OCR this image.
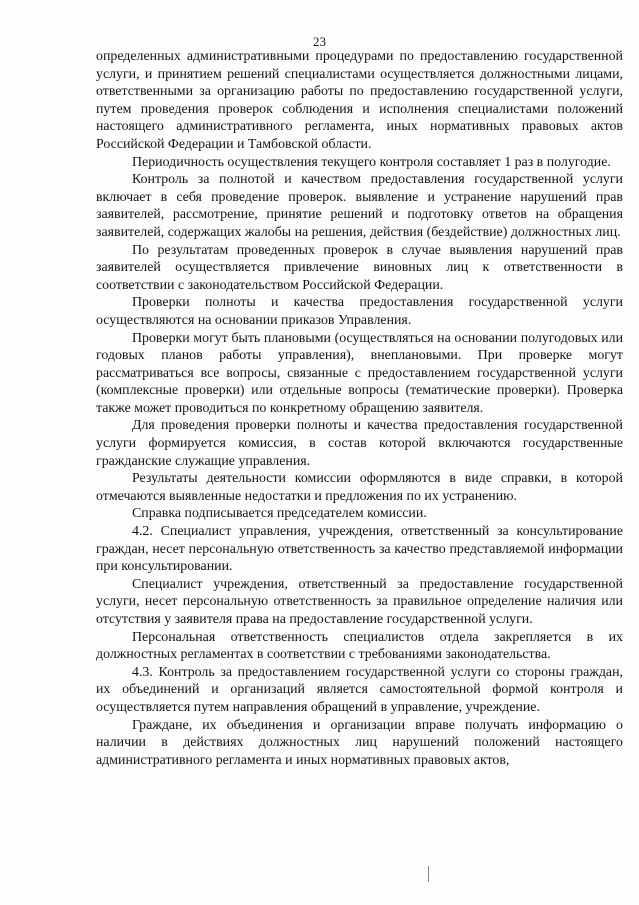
23

определенных административными процедурами по предоставлению государственной услуги, и принятием решений специалистами осуществляется должностными лицами, ответственными за организацию работы по предоставлению государственной услуги, путем проведения проверок соблюдения и исполнения специалистами положений настоящего административного регламента, иных нормативных правовых актов Российской Федерации и Тамбовской области.

Периодичность осуществления текущего контроля составляет 1 раз в полугодие.

Контроль за полнотой и качеством предоставления государственной услуги включает в себя проведение проверок. выявление и устранение нарушений прав заявителей, рассмотрение, принятие решений и подготовку ответов на обращения заявителей, содержащих жалобы на решения, действия (бездействие) должностных лиц.

По результатам проведенных проверок в случае выявления нарушений прав заявителей осуществляется привлечение виновных лиц к ответственности в соответствии с законодательством Российской Федерации.

Проверки полноты и качества предоставления государственной услуги осуществляются на основании приказов Управления.

Проверки могут быть плановыми (осуществляться на основании полугодовых или годовых планов работы управления), внеплановыми. При проверке могут рассматриваться все вопросы, связанные с предоставлением государственной услуги (комплексные проверки) или отдельные вопросы (тематические проверки). Проверка также может проводиться по конкретному обращению заявителя.

Для проведения проверки полноты и качества предоставления государственной услуги формируется комиссия, в состав которой включаются государственные гражданские служащие управления.

Результаты деятельности комиссии оформляются в виде справки, в которой отмечаются выявленные недостатки и предложения по их устранению.

Справка подписывается председателем комиссии.

4.2. Специалист управления, учреждения, ответственный за консультирование граждан, несет персональную ответственность за качество представляемой информации при консультировании.

Специалист учреждения, ответственный за предоставление государственной услуги, несет персональную ответственность за правильное определение наличия или отсутствия у заявителя права на предоставление государственной услуги.

Персональная ответственность специалистов отдела закрепляется в их должностных регламентах в соответствии с требованиями законодательства.

4.3. Контроль за предоставлением государственной услуги со стороны граждан, их объединений и организаций является самостоятельной формой контроля и осуществляется путем направления обращений в управление, учреждение.

Граждане, их объединения и организации вправе получать информацию о наличии в действиях должностных лиц нарушений положений настоящего административного регламента и иных нормативных правовых актов,
